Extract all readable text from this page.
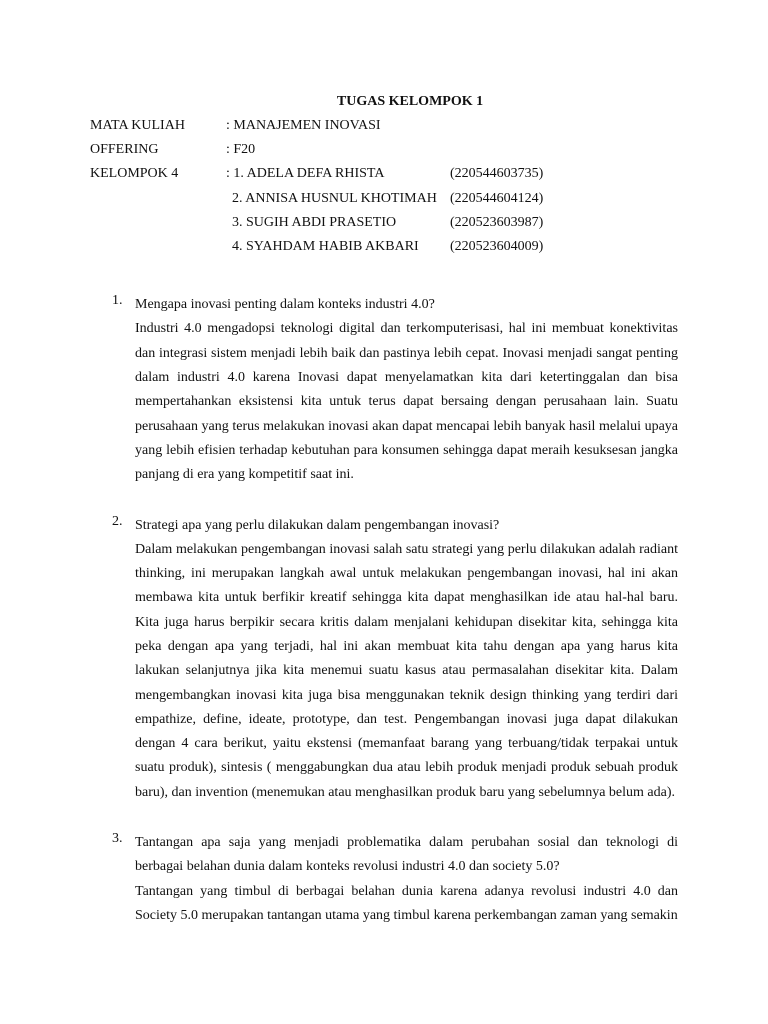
TUGAS KELOMPOK 1
MATA KULIAH	: MANAJEMEN INOVASI
OFFERING	: F20
KELOMPOK 4	: 1. ADELA DEFA RHISTA	(220544603735)
2. ANNISA HUSNUL KHOTIMAH (220544604124)
3. SUGIH ABDI PRASETIO	(220523603987)
4. SYAHDAM HABIB AKBARI	(220523604009)
1. Mengapa inovasi penting dalam konteks industri 4.0?

Industri 4.0 mengadopsi teknologi digital dan terkomputerisasi, hal ini membuat konektivitas dan integrasi sistem menjadi lebih baik dan pastinya lebih cepat. Inovasi menjadi sangat penting dalam industri 4.0 karena Inovasi dapat menyelamatkan kita dari ketertinggalan dan bisa mempertahankan eksistensi kita untuk terus dapat bersaing dengan perusahaan lain. Suatu perusahaan yang terus melakukan inovasi akan dapat mencapai lebih banyak hasil melalui upaya yang lebih efisien terhadap kebutuhan para konsumen sehingga dapat meraih kesuksesan jangka panjang di era yang kompetitif saat ini.

2. Strategi apa yang perlu dilakukan dalam pengembangan inovasi?

Dalam melakukan pengembangan inovasi salah satu strategi yang perlu dilakukan adalah radiant thinking, ini merupakan langkah awal untuk melakukan pengembangan inovasi, hal ini akan membawa kita untuk berfikir kreatif sehingga kita dapat menghasilkan ide atau hal-hal baru. Kita juga harus berpikir secara kritis dalam menjalani kehidupan disekitar kita, sehingga kita peka dengan apa yang terjadi, hal ini akan membuat kita tahu dengan apa yang harus kita lakukan selanjutnya jika kita menemui suatu kasus atau permasalahan disekitar kita. Dalam mengembangkan inovasi kita juga bisa menggunakan teknik design thinking yang terdiri dari empathize, define, ideate, prototype, dan test. Pengembangan inovasi juga dapat dilakukan dengan 4 cara berikut, yaitu ekstensi (memanfaat barang yang terbuang/tidak terpakai untuk suatu produk), sintesis ( menggabungkan dua atau lebih produk menjadi produk sebuah produk baru), dan invention (menemukan atau menghasilkan produk baru yang sebelumnya belum ada).

3. Tantangan apa saja yang menjadi problematika dalam perubahan sosial dan teknologi di berbagai belahan dunia dalam konteks revolusi industri 4.0 dan society 5.0?

Tantangan yang timbul di berbagai belahan dunia karena adanya revolusi industri 4.0 dan Society 5.0 merupakan tantangan utama yang timbul karena perkembangan zaman yang semakin
